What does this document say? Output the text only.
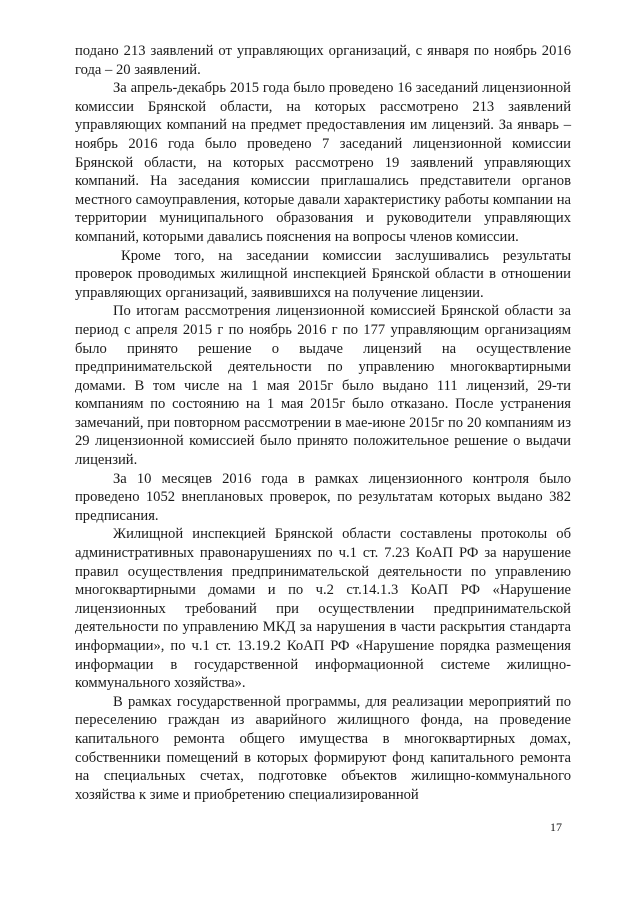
подано 213 заявлений от управляющих организаций, с января по ноябрь 2016 года – 20 заявлений.

За апрель-декабрь 2015 года было проведено 16 заседаний лицензионной комиссии Брянской области, на которых рассмотрено 213 заявлений управляющих компаний на предмет предоставления им лицензий. За январь – ноябрь 2016 года было проведено 7 заседаний лицензионной комиссии Брянской области, на которых рассмотрено 19 заявлений управляющих компаний. На заседания комиссии приглашались представители органов местного самоуправления, которые давали характеристику работы компании на территории муниципального образования и руководители управляющих компаний, которыми давались пояснения на вопросы членов комиссии.

Кроме того, на заседании комиссии заслушивались результаты проверок проводимых жилищной инспекцией Брянской области в отношении управляющих организаций, заявившихся на получение лицензии.

По итогам рассмотрения лицензионной комиссией Брянской области за период с апреля 2015 г по ноябрь 2016 г по 177 управляющим организациям было принято решение о выдаче лицензий на осуществление предпринимательской деятельности по управлению многоквартирными домами. В том числе на 1 мая 2015г было выдано 111 лицензий, 29-ти компаниям по состоянию на 1 мая 2015г было отказано. После устранения замечаний, при повторном рассмотрении в мае-июне 2015г по 20 компаниям из 29 лицензионной комиссией было принято положительное решение о выдачи лицензий.

За 10 месяцев 2016 года в рамках лицензионного контроля было проведено 1052 внеплановых проверок, по результатам которых выдано 382 предписания.

Жилищной инспекцией Брянской области составлены протоколы об административных правонарушениях по ч.1 ст. 7.23 КоАП РФ за нарушение правил осуществления предпринимательской деятельности по управлению многоквартирными домами и по ч.2 ст.14.1.3 КоАП РФ «Нарушение лицензионных требований при осуществлении предпринимательской деятельности по управлению МКД за нарушения в части раскрытия стандарта информации», по ч.1 ст. 13.19.2 КоАП РФ «Нарушение порядка размещения информации в государственной информационной системе жилищно-коммунального хозяйства».

В рамках государственной программы, для реализации мероприятий по переселению граждан из аварийного жилищного фонда, на проведение капитального ремонта общего имущества в многоквартирных домах, собственники помещений в которых формируют фонд капитального ремонта на специальных счетах, подготовке объектов жилищно-коммунального хозяйства к зиме и приобретению специализированной

17
